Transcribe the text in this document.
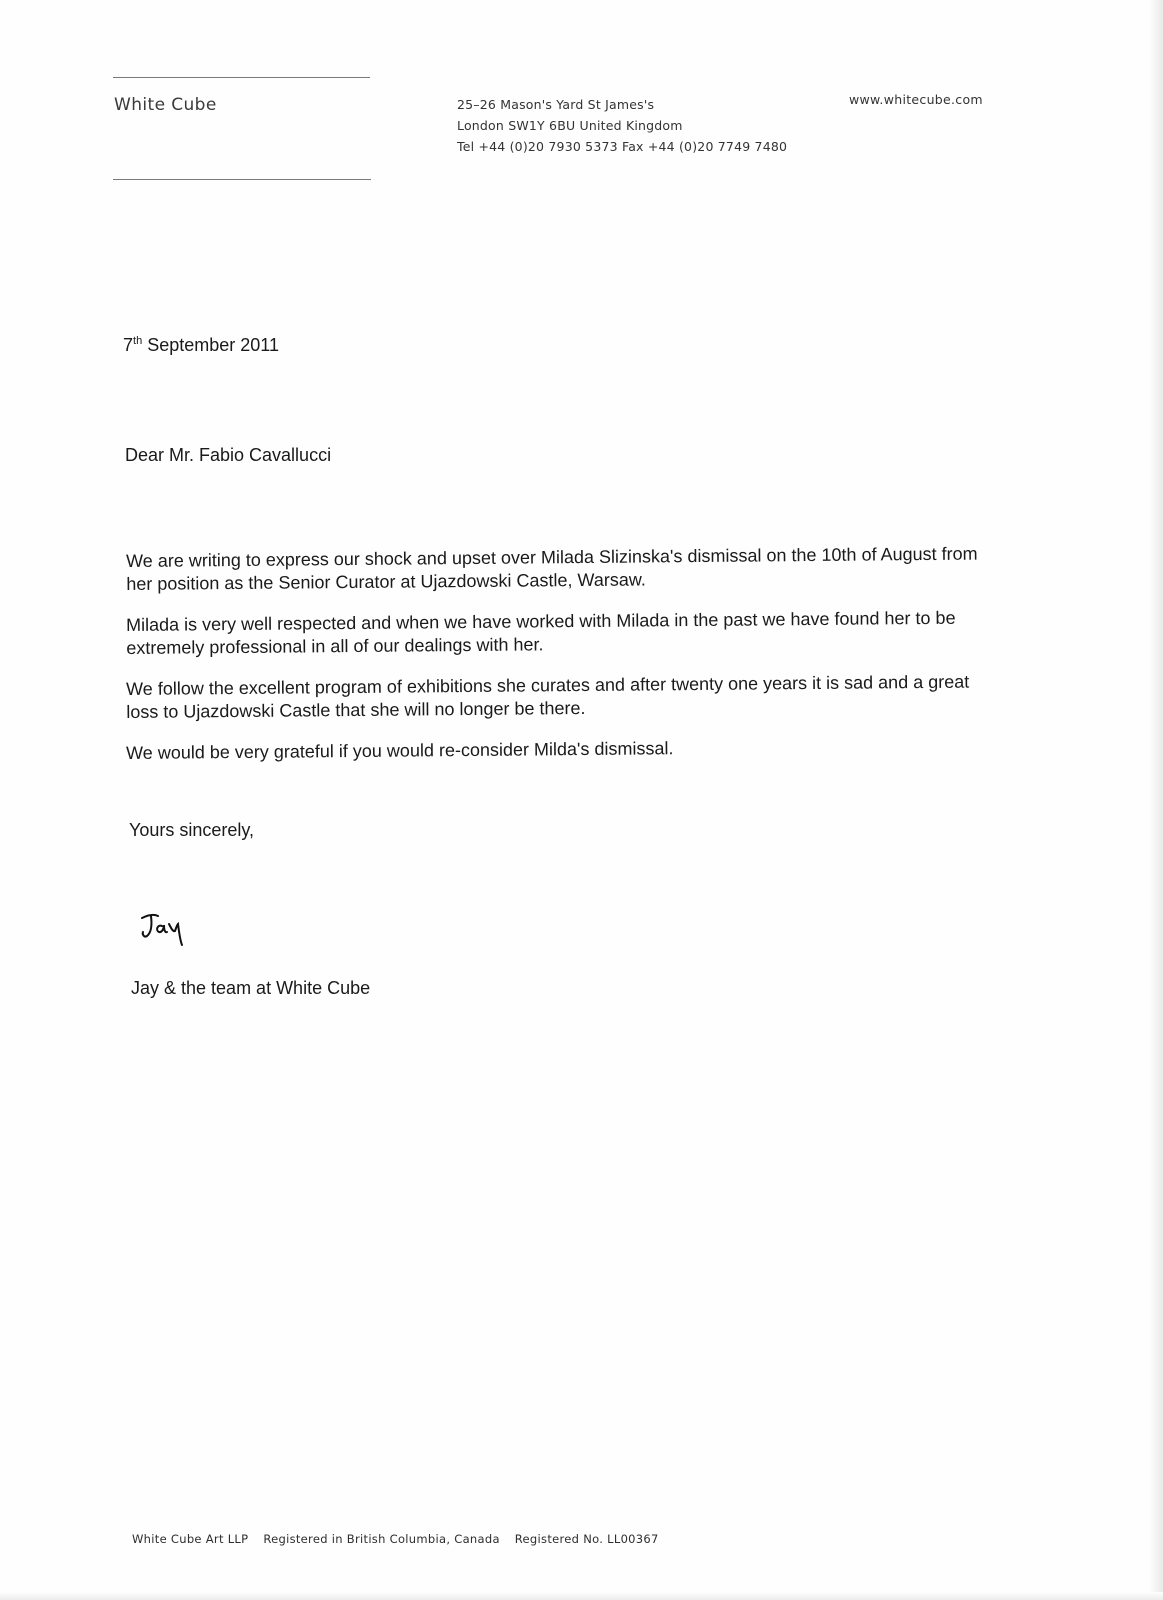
White Cube	25–26 Mason's Yard St James's
London SW1Y 6BU United Kingdom
Tel +44 (0)20 7930 5373 Fax +44 (0)20 7749 7480
www.whitecube.com
7th September 2011
Dear Mr. Fabio Cavallucci

We are writing to express our shock and upset over Milada Slizinska's dismissal on the 10th of August from her position as the Senior Curator at Ujazdowski Castle, Warsaw.

Milada is very well respected and when we have worked with Milada in the past we have found her to be extremely professional in all of our dealings with her.

We follow the excellent program of exhibitions she curates and after twenty one years it is sad and a great loss to Ujazdowski Castle that she will no longer be there.

We would be very grateful if you would re-consider Milda's dismissal.

Yours sincerely,
Jay & the team at White Cube
White Cube Art LLP Registered in British Columbia, Canada Registered No. LL00367
